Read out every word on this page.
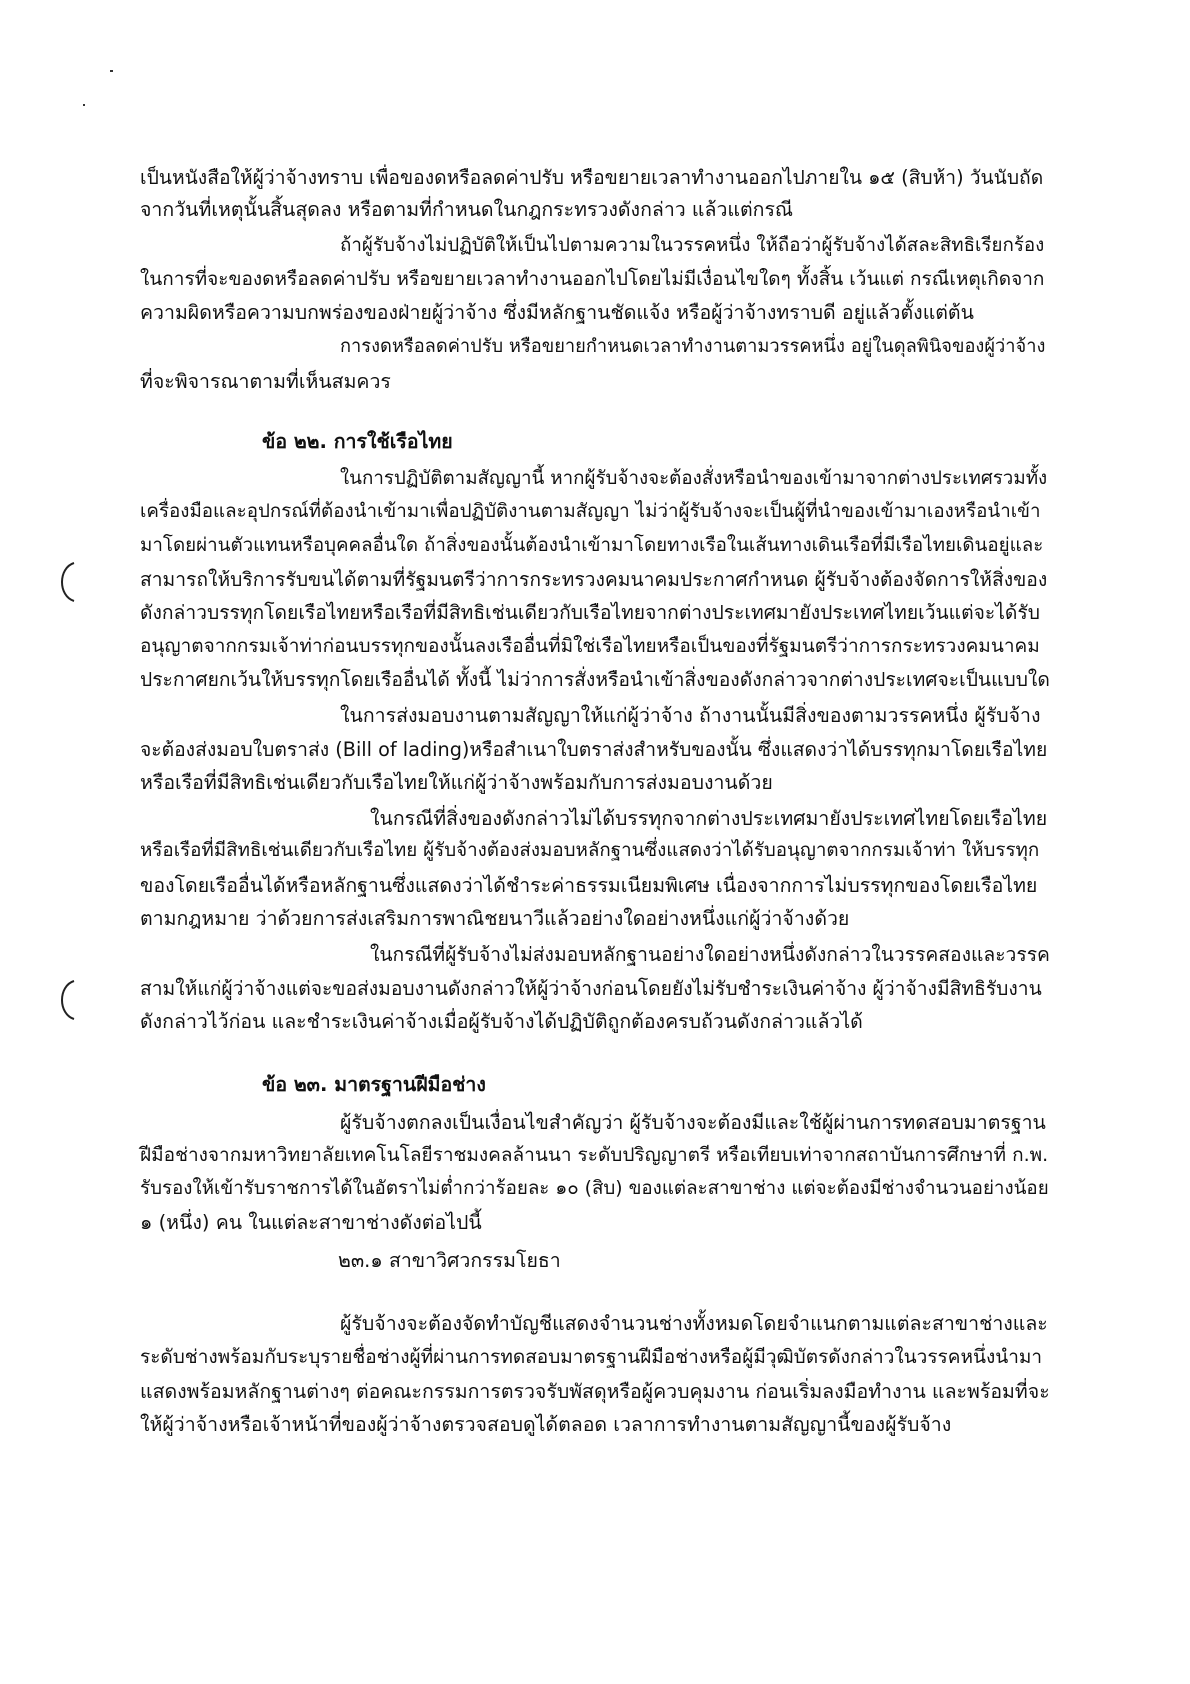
เป็นหนังสือให้ผู้ว่าจ้างทราบ เพื่อของดหรือลดค่าปรับ หรือขยายเวลาทำงานออกไปภายใน ๑๕ (สิบห้า) วันนับถัด
จากวันที่เหตุนั้นสิ้นสุดลง หรือตามที่กำหนดในกฎกระทรวงดังกล่าว แล้วแต่กรณี
ถ้าผู้รับจ้างไม่ปฏิบัติให้เป็นไปตามความในวรรคหนึ่ง ให้ถือว่าผู้รับจ้างได้สละสิทธิเรียกร้อง
ในการที่จะของดหรือลดค่าปรับ หรือขยายเวลาทำงานออกไปโดยไม่มีเงื่อนไขใดๆ ทั้งสิ้น เว้นแต่ กรณีเหตุเกิดจาก
ความผิดหรือความบกพร่องของฝ่ายผู้ว่าจ้าง ซึ่งมีหลักฐานชัดแจ้ง หรือผู้ว่าจ้างทราบดี อยู่แล้วตั้งแต่ต้น
การงดหรือลดค่าปรับ หรือขยายกำหนดเวลาทำงานตามวรรคหนึ่ง อยู่ในดุลพินิจของผู้ว่าจ้าง
ที่จะพิจารณาตามที่เห็นสมควร
ข้อ ๒๒. การใช้เรือไทย
ในการปฏิบัติตามสัญญานี้ หากผู้รับจ้างจะต้องสั่งหรือนำของเข้ามาจากต่างประเทศรวมทั้ง
เครื่องมือและอุปกรณ์ที่ต้องนำเข้ามาเพื่อปฏิบัติงานตามสัญญา ไม่ว่าผู้รับจ้างจะเป็นผู้ที่นำของเข้ามาเองหรือนำเข้า
มาโดยผ่านตัวแทนหรือบุคคลอื่นใด ถ้าสิ่งของนั้นต้องนำเข้ามาโดยทางเรือในเส้นทางเดินเรือที่มีเรือไทยเดินอยู่และ
สามารถให้บริการรับขนได้ตามที่รัฐมนตรีว่าการกระทรวงคมนาคมประกาศกำหนด ผู้รับจ้างต้องจัดการให้สิ่งของ
ดังกล่าวบรรทุกโดยเรือไทยหรือเรือที่มีสิทธิเช่นเดียวกับเรือไทยจากต่างประเทศมายังประเทศไทยเว้นแต่จะได้รับ
อนุญาตจากกรมเจ้าท่าก่อนบรรทุกของนั้นลงเรืออื่นที่มิใช่เรือไทยหรือเป็นของที่รัฐมนตรีว่าการกระทรวงคมนาคม
ประกาศยกเว้นให้บรรทุกโดยเรืออื่นได้ ทั้งนี้ ไม่ว่าการสั่งหรือนำเข้าสิ่งของดังกล่าวจากต่างประเทศจะเป็นแบบใด
ในการส่งมอบงานตามสัญญาให้แก่ผู้ว่าจ้าง ถ้างานนั้นมีสิ่งของตามวรรคหนึ่ง ผู้รับจ้าง
จะต้องส่งมอบใบตราส่ง (Bill of lading)หรือสำเนาใบตราส่งสำหรับของนั้น ซึ่งแสดงว่าได้บรรทุกมาโดยเรือไทย
หรือเรือที่มีสิทธิเช่นเดียวกับเรือไทยให้แก่ผู้ว่าจ้างพร้อมกับการส่งมอบงานด้วย
ในกรณีที่สิ่งของดังกล่าวไม่ได้บรรทุกจากต่างประเทศมายังประเทศไทยโดยเรือไทย
หรือเรือที่มีสิทธิเช่นเดียวกับเรือไทย ผู้รับจ้างต้องส่งมอบหลักฐานซึ่งแสดงว่าได้รับอนุญาตจากกรมเจ้าท่า ให้บรรทุก
ของโดยเรืออื่นได้หรือหลักฐานซึ่งแสดงว่าได้ชำระค่าธรรมเนียมพิเศษ เนื่องจากการไม่บรรทุกของโดยเรือไทย
ตามกฎหมาย ว่าด้วยการส่งเสริมการพาณิชยนาวีแล้วอย่างใดอย่างหนึ่งแก่ผู้ว่าจ้างด้วย
ในกรณีที่ผู้รับจ้างไม่ส่งมอบหลักฐานอย่างใดอย่างหนึ่งดังกล่าวในวรรคสองและวรรค
สามให้แก่ผู้ว่าจ้างแต่จะขอส่งมอบงานดังกล่าวให้ผู้ว่าจ้างก่อนโดยยังไม่รับชำระเงินค่าจ้าง ผู้ว่าจ้างมีสิทธิรับงาน
ดังกล่าวไว้ก่อน และชำระเงินค่าจ้างเมื่อผู้รับจ้างได้ปฏิบัติถูกต้องครบถ้วนดังกล่าวแล้วได้
ข้อ ๒๓. มาตรฐานฝีมือช่าง
ผู้รับจ้างตกลงเป็นเงื่อนไขสำคัญว่า ผู้รับจ้างจะต้องมีและใช้ผู้ผ่านการทดสอบมาตรฐาน
ฝีมือช่างจากมหาวิทยาลัยเทคโนโลยีราชมงคลล้านนา ระดับปริญญาตรี หรือเทียบเท่าจากสถาบันการศึกษาที่ ก.พ.
รับรองให้เข้ารับราชการได้ในอัตราไม่ต่ำกว่าร้อยละ ๑๐ (สิบ) ของแต่ละสาขาช่าง แต่จะต้องมีช่างจำนวนอย่างน้อย
๑ (หนึ่ง) คน ในแต่ละสาขาช่างดังต่อไปนี้
๒๓.๑ สาขาวิศวกรรมโยธา
ผู้รับจ้างจะต้องจัดทำบัญชีแสดงจำนวนช่างทั้งหมดโดยจำแนกตามแต่ละสาขาช่างและ
ระดับช่างพร้อมกับระบุรายชื่อช่างผู้ที่ผ่านการทดสอบมาตรฐานฝีมือช่างหรือผู้มีวุฒิบัตรดังกล่าวในวรรคหนึ่งนำมา
แสดงพร้อมหลักฐานต่างๆ ต่อคณะกรรมการตรวจรับพัสดุหรือผู้ควบคุมงาน ก่อนเริ่มลงมือทำงาน และพร้อมที่จะ
ให้ผู้ว่าจ้างหรือเจ้าหน้าที่ของผู้ว่าจ้างตรวจสอบดูได้ตลอด เวลาการทำงานตามสัญญานี้ของผู้รับจ้าง
